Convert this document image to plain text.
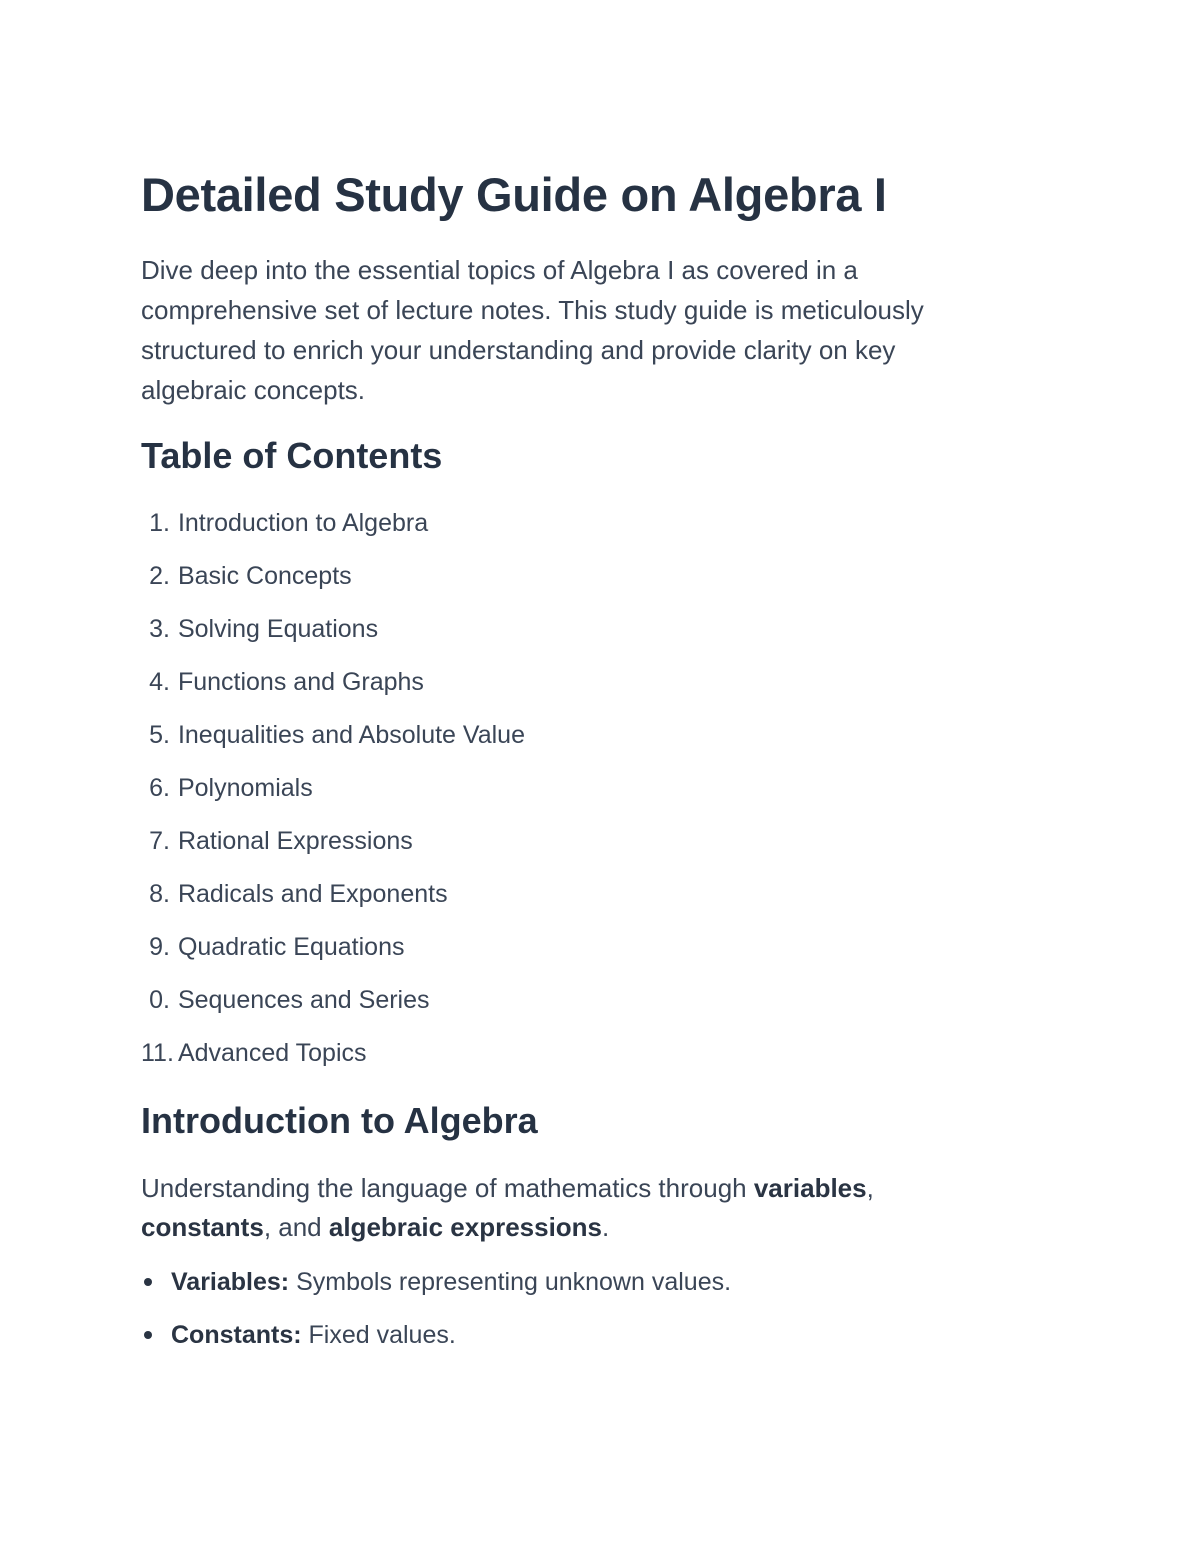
Detailed Study Guide on Algebra I

Dive deep into the essential topics of Algebra I as covered in a comprehensive set of lecture notes. This study guide is meticulously structured to enrich your understanding and provide clarity on key algebraic concepts.

Table of Contents
1. Introduction to Algebra
2. Basic Concepts
3. Solving Equations
4. Functions and Graphs
5. Inequalities and Absolute Value
6. Polynomials
7. Rational Expressions
8. Radicals and Exponents
9. Quadratic Equations
0. Sequences and Series
11. Advanced Topics
Introduction to Algebra

Understanding the language of mathematics through variables, constants, and algebraic expressions.

Variables: Symbols representing unknown values.
Constants: Fixed values.
